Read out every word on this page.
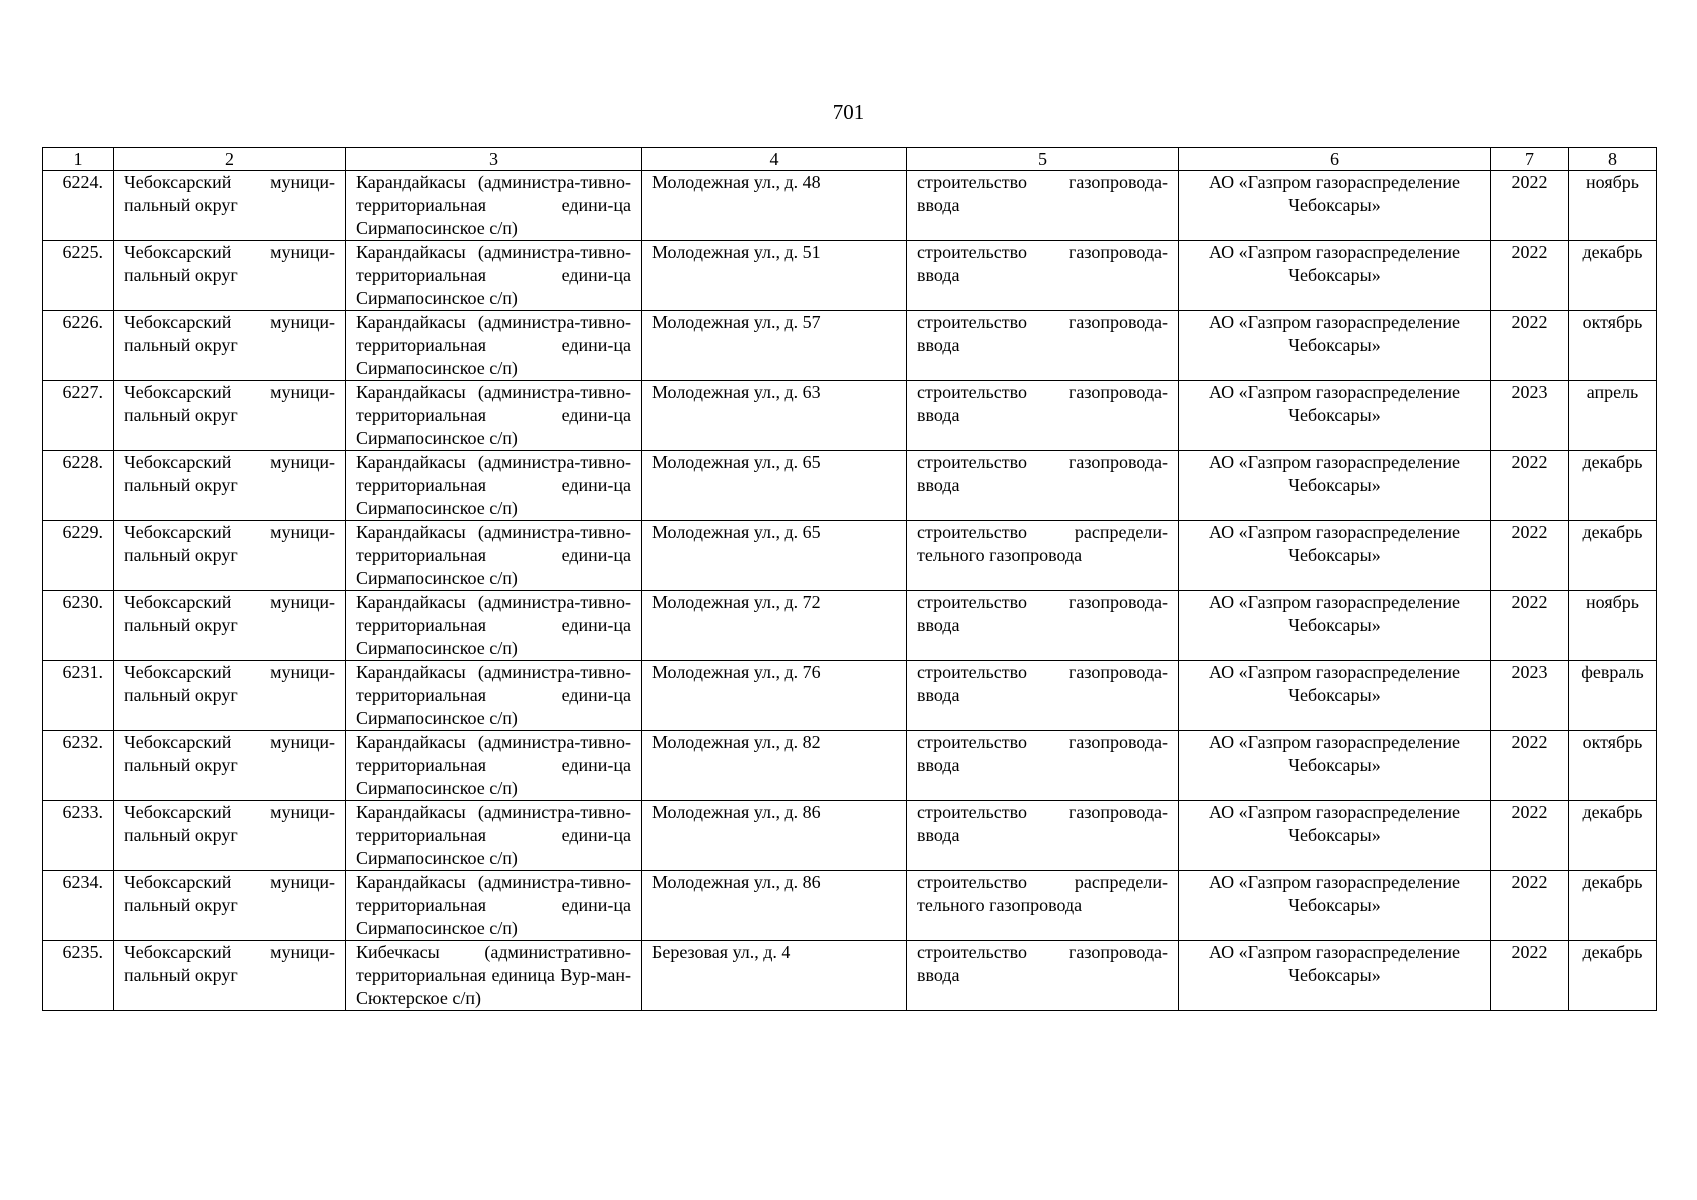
701
1	2	3	4	5	6	7	8
6224.	Чебоксарский муници-пальный округ	Карандайкасы (администра-тивно-территориальная едини-ца Сирмапосинское с/п)	Молодежная ул., д. 48	строительство газопровода-ввода	АО «Газпром газораспределение Чебоксары»	2022	ноябрь
6225.	Чебоксарский муници-пальный округ	Карандайкасы (администра-тивно-территориальная едини-ца Сирмапосинское с/п)	Молодежная ул., д. 51	строительство газопровода-ввода	АО «Газпром газораспределение Чебоксары»	2022	декабрь
6226.	Чебоксарский муници-пальный округ	Карандайкасы (администра-тивно-территориальная едини-ца Сирмапосинское с/п)	Молодежная ул., д. 57	строительство газопровода-ввода	АО «Газпром газораспределение Чебоксары»	2022	октябрь
6227.	Чебоксарский муници-пальный округ	Карандайкасы (администра-тивно-территориальная едини-ца Сирмапосинское с/п)	Молодежная ул., д. 63	строительство газопровода-ввода	АО «Газпром газораспределение Чебоксары»	2023	апрель
6228.	Чебоксарский муници-пальный округ	Карандайкасы (администра-тивно-территориальная едини-ца Сирмапосинское с/п)	Молодежная ул., д. 65	строительство газопровода-ввода	АО «Газпром газораспределение Чебоксары»	2022	декабрь
6229.	Чебоксарский муници-пальный округ	Карандайкасы (администра-тивно-территориальная едини-ца Сирмапосинское с/п)	Молодежная ул., д. 65	строительство распредели-тельного газопровода	АО «Газпром газораспределение Чебоксары»	2022	декабрь
6230.	Чебоксарский муници-пальный округ	Карандайкасы (администра-тивно-территориальная едини-ца Сирмапосинское с/п)	Молодежная ул., д. 72	строительство газопровода-ввода	АО «Газпром газораспределение Чебоксары»	2022	ноябрь
6231.	Чебоксарский муници-пальный округ	Карандайкасы (администра-тивно-территориальная едини-ца Сирмапосинское с/п)	Молодежная ул., д. 76	строительство газопровода-ввода	АО «Газпром газораспределение Чебоксары»	2023	февраль
6232.	Чебоксарский муници-пальный округ	Карандайкасы (администра-тивно-территориальная едини-ца Сирмапосинское с/п)	Молодежная ул., д. 82	строительство газопровода-ввода	АО «Газпром газораспределение Чебоксары»	2022	октябрь
6233.	Чебоксарский муници-пальный округ	Карандайкасы (администра-тивно-территориальная едини-ца Сирмапосинское с/п)	Молодежная ул., д. 86	строительство газопровода-ввода	АО «Газпром газораспределение Чебоксары»	2022	декабрь
6234.	Чебоксарский муници-пальный округ	Карандайкасы (администра-тивно-территориальная едини-ца Сирмапосинское с/п)	Молодежная ул., д. 86	строительство распредели-тельного газопровода	АО «Газпром газораспределение Чебоксары»	2022	декабрь
6235.	Чебоксарский муници-пальный округ	Кибечкасы (административно-территориальная единица Вур-ман-Сюктерское с/п)	Березовая ул., д. 4	строительство газопровода-ввода	АО «Газпром газораспределение Чебоксары»	2022	декабрь
